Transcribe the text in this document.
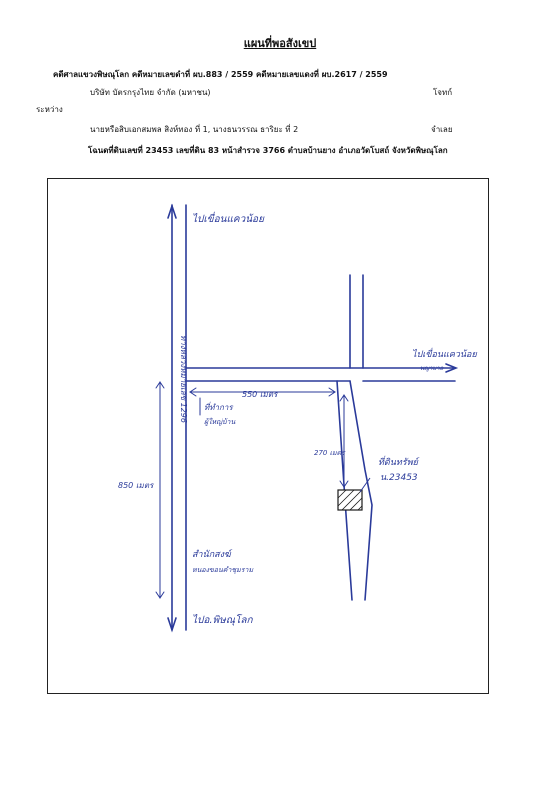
แผนที่พอสังเขป
คดีศาลแขวงพิษณุโลก คดีหมายเลขดำที่ ผบ.883 / 2559 คดีหมายเลขแดงที่ ผบ.2617 / 2559
บริษัท บัตรกรุงไทย จำกัด (มหาชน)	โจทก์
ระหว่าง
นายหรือสิบเอกสมพล สิงห์ทอง ที่ 1, นางธนวรรณ ธาริยะ ที่ 2	จำเลย
โฉนดที่ดินเลขที่ 23453 เลขที่ดิน 83 หน้าสำรวจ 3766 ตำบลบ้านยาง อำเภอวัดโบสถ์ จังหวัดพิษณุโลก
ไปเขื่อนแควน้อย
ไปเขื่อนแควน้อย
พญาบาล
ทางหลวงหมายเลข 1296	550 เมตร
850 เมตร
270 เมตร
ที่ทำการ
ผู้ใหญ่บ้าน
ที่ดินทรัพย์
น.23453
สำนักสงฆ์
หนองขอนคำชุมราม
ไปอ.พิษณุโลก
